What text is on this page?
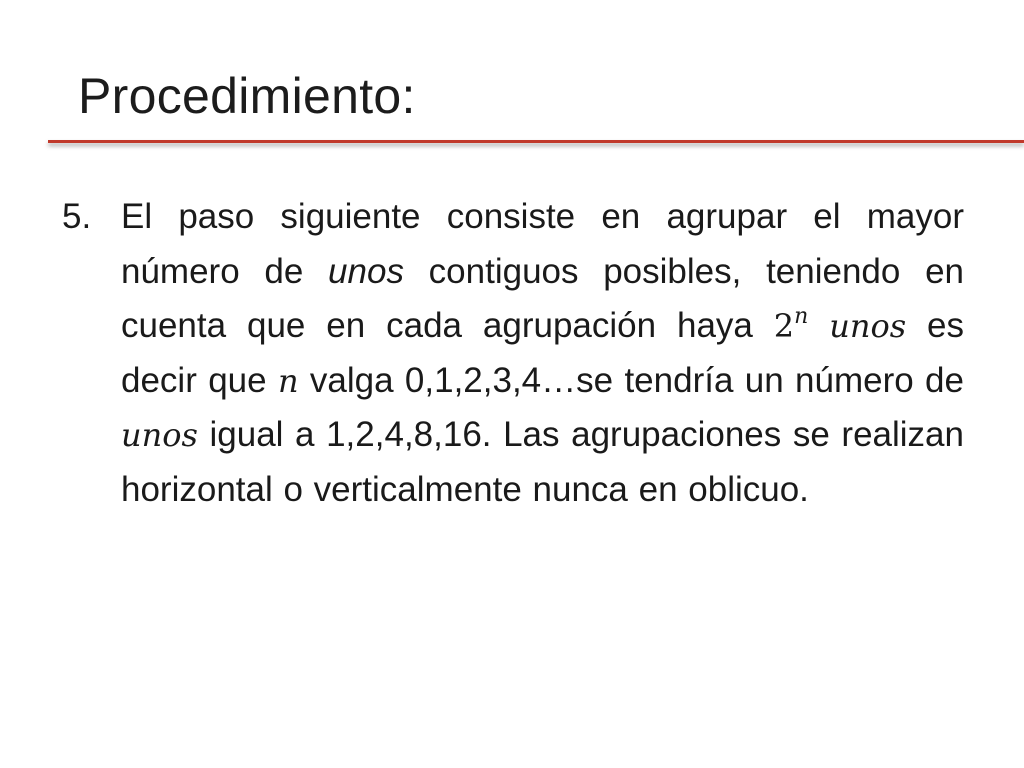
Procedimiento:
5. El paso siguiente consiste en agrupar el mayor número de unos contiguos posibles, teniendo en cuenta que en cada agrupación haya 2$^n$ unos es decir que n valga 0,1,2,3,4…se tendría un número de unos igual a 1,2,4,8,16. Las agrupaciones se realizan horizontal o verticalmente nunca en oblicuo.
